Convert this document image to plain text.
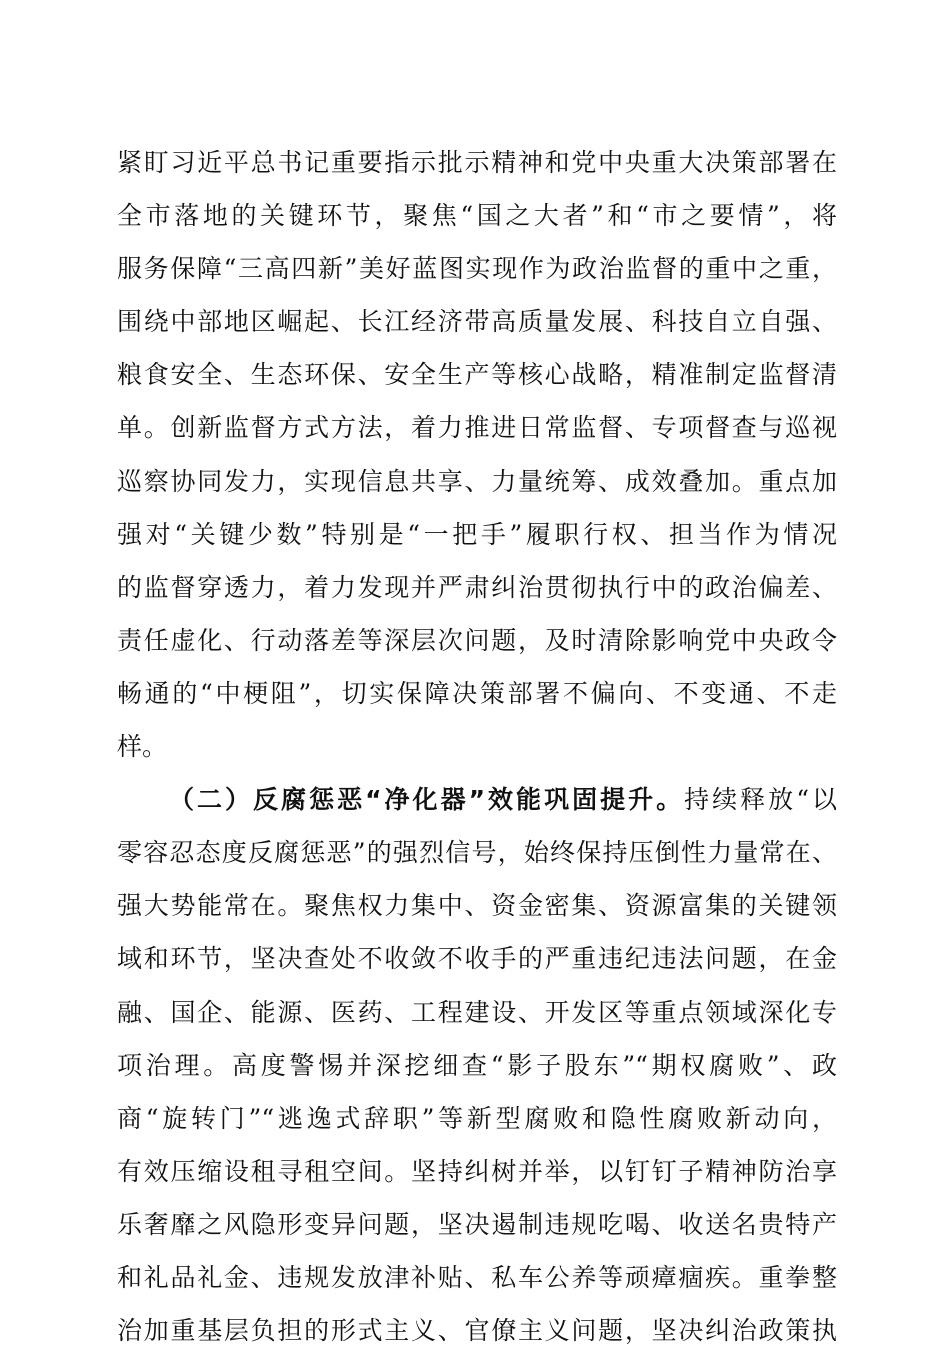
紧盯习近平总书记重要指示批示精神和党中央重大决策部署在
全市落地的关键环节，聚焦“国之大者”和“市之要情”，将
服务保障“三高四新”美好蓝图实现作为政治监督的重中之重，
围绕中部地区崛起、长江经济带高质量发展、科技自立自强、
粮食安全、生态环保、安全生产等核心战略，精准制定监督清
单。创新监督方式方法，着力推进日常监督、专项督查与巡视
巡察协同发力，实现信息共享、力量统筹、成效叠加。重点加
强对“关键少数”特别是“一把手”履职行权、担当作为情况
的监督穿透力，着力发现并严肃纠治贯彻执行中的政治偏差、
责任虚化、行动落差等深层次问题，及时清除影响党中央政令
畅通的“中梗阻”，切实保障决策部署不偏向、不变通、不走
样。
（二）反腐惩恶“净化器”效能巩固提升。持续释放“以
零容忍态度反腐惩恶”的强烈信号，始终保持压倒性力量常在、
强大势能常在。聚焦权力集中、资金密集、资源富集的关键领
域和环节，坚决查处不收敛不收手的严重违纪违法问题，在金
融、国企、能源、医药、工程建设、开发区等重点领域深化专
项治理。高度警惕并深挖细查“影子股东”“期权腐败”、政
商“旋转门”“逃逸式辞职”等新型腐败和隐性腐败新动向，
有效压缩设租寻租空间。坚持纠树并举，以钉钉子精神防治享
乐奢靡之风隐形变异问题，坚决遏制违规吃喝、收送名贵特产
和礼品礼金、违规发放津补贴、私车公养等顽瘴痼疾。重拳整
治加重基层负担的形式主义、官僚主义问题，坚决纠治政策执
